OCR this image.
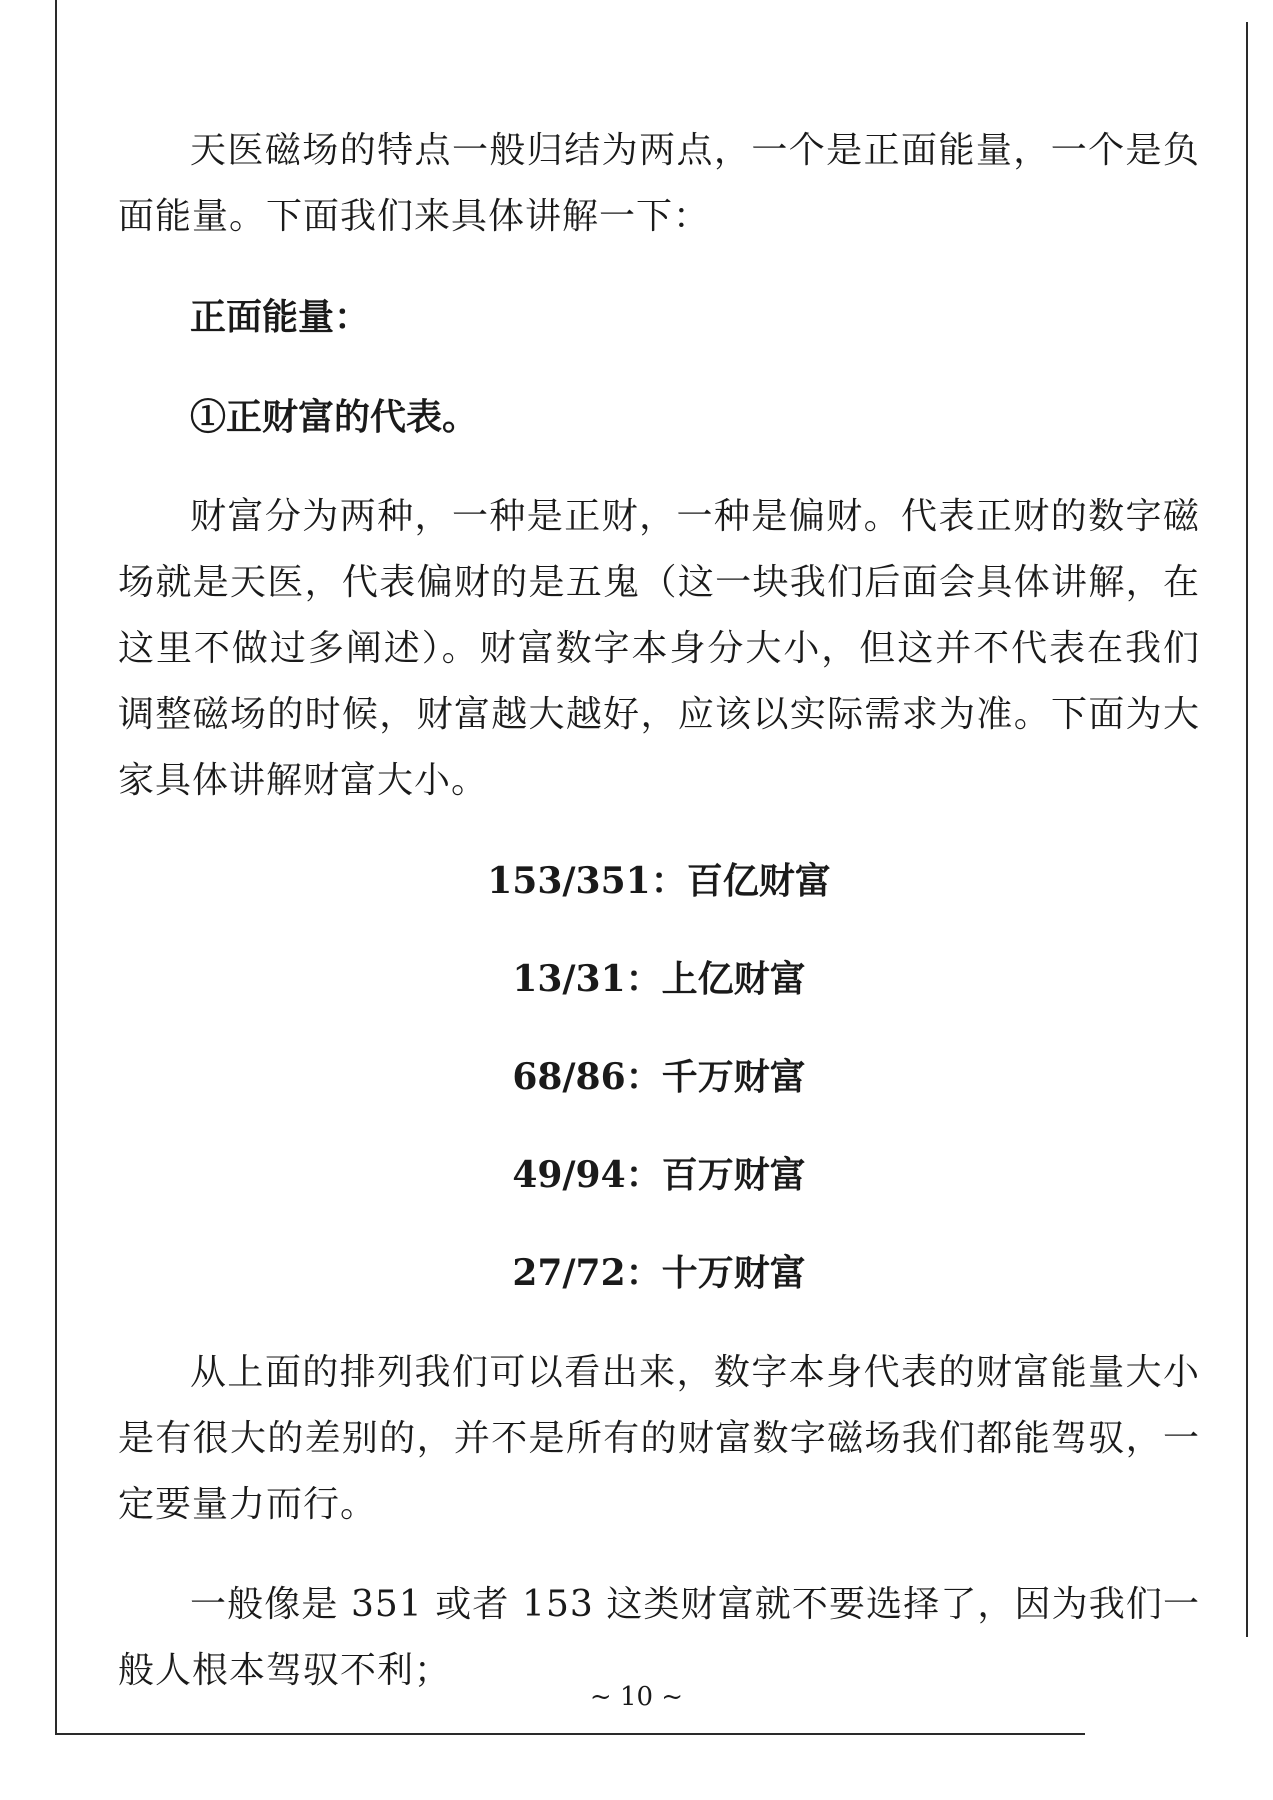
天医磁场的特点一般归结为两点，一个是正面能量，一个是负面能量。下面我们来具体讲解一下：

正面能量：

①正财富的代表。

财富分为两种，一种是正财，一种是偏财。代表正财的数字磁场就是天医，代表偏财的是五鬼（这一块我们后面会具体讲解，在这里不做过多阐述）。财富数字本身分大小，但这并不代表在我们调整磁场的时候，财富越大越好，应该以实际需求为准。下面为大家具体讲解财富大小。

153/351：百亿财富
13/31：上亿财富
68/86：千万财富
49/94：百万财富
27/72：十万财富

从上面的排列我们可以看出来，数字本身代表的财富能量大小是有很大的差别的，并不是所有的财富数字磁场我们都能驾驭，一定要量力而行。

一般像是 351 或者 153 这类财富就不要选择了，因为我们一般人根本驾驭不利；

~ 10 ~
